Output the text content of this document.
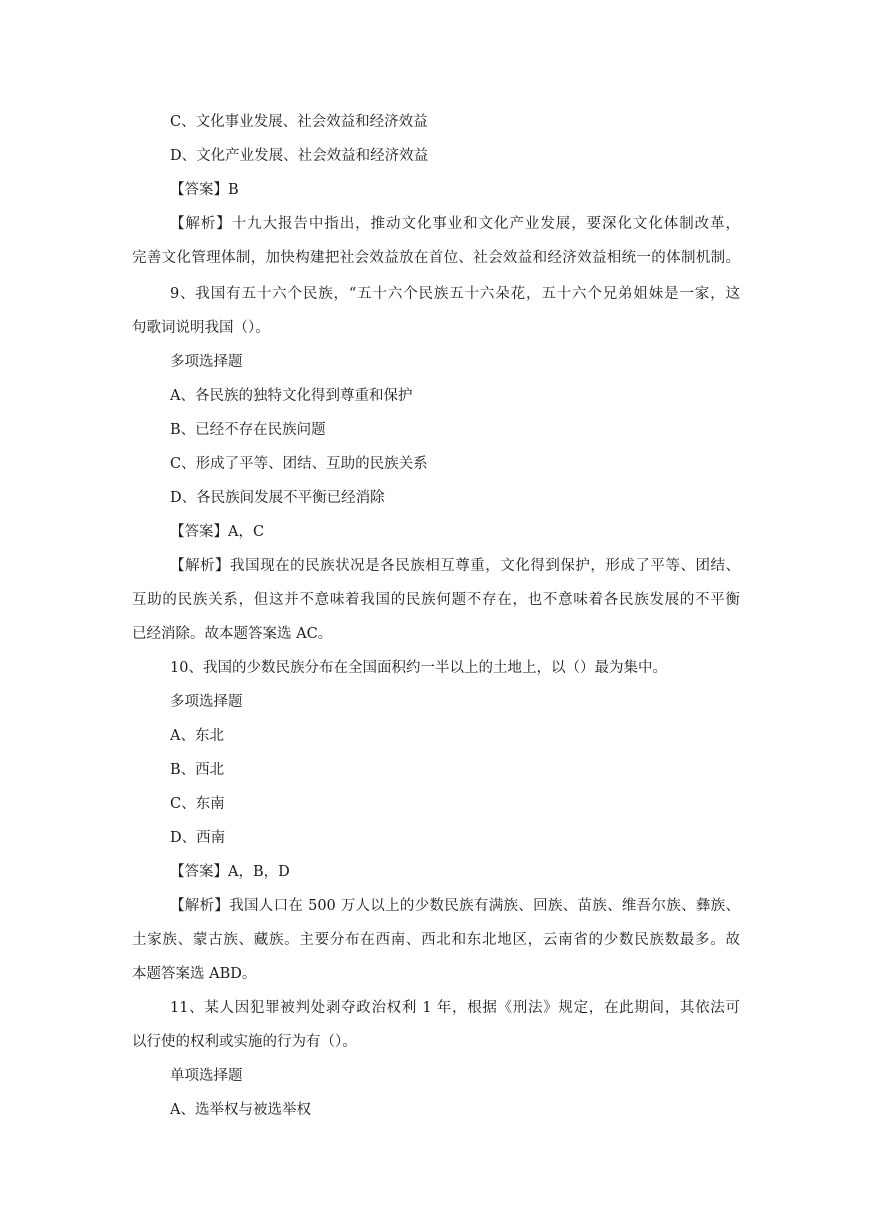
C、文化事业发展、社会效益和经济效益
D、文化产业发展、社会效益和经济效益
【答案】B
【解析】十九大报告中指出，推动文化事业和文化产业发展，要深化文化体制改革，
完善文化管理体制，加快构建把社会效益放在首位、社会效益和经济效益相统一的体制机制。
9、我国有五十六个民族，“五十六个民族五十六朵花，五十六个兄弟姐妹是一家，这
句歌词说明我国（）。
多项选择题
A、各民族的独特文化得到尊重和保护
B、已经不存在民族问题
C、形成了平等、团结、互助的民族关系
D、各民族间发展不平衡已经消除
【答案】A，C
【解析】我国现在的民族状况是各民族相互尊重，文化得到保护，形成了平等、团结、
互助的民族关系，但这并不意味着我国的民族何题不存在，也不意味着各民族发展的不平衡
已经消除。故本题答案选 AC。
10、我国的少数民族分布在全国面积约一半以上的土地上，以（）最为集中。
多项选择题
A、东北
B、西北
C、东南
D、西南
【答案】A，B，D
【解析】我国人口在 500 万人以上的少数民族有满族、回族、苗族、维吾尔族、彝族、
土家族、蒙古族、藏族。主要分布在西南、西北和东北地区，云南省的少数民族数最多。故
本题答案选 ABD。
11、某人因犯罪被判处剥夺政治权利 1 年，根据《刑法》规定，在此期间，其依法可
以行使的权利或实施的行为有（）。
单项选择题
A、选举权与被选举权
